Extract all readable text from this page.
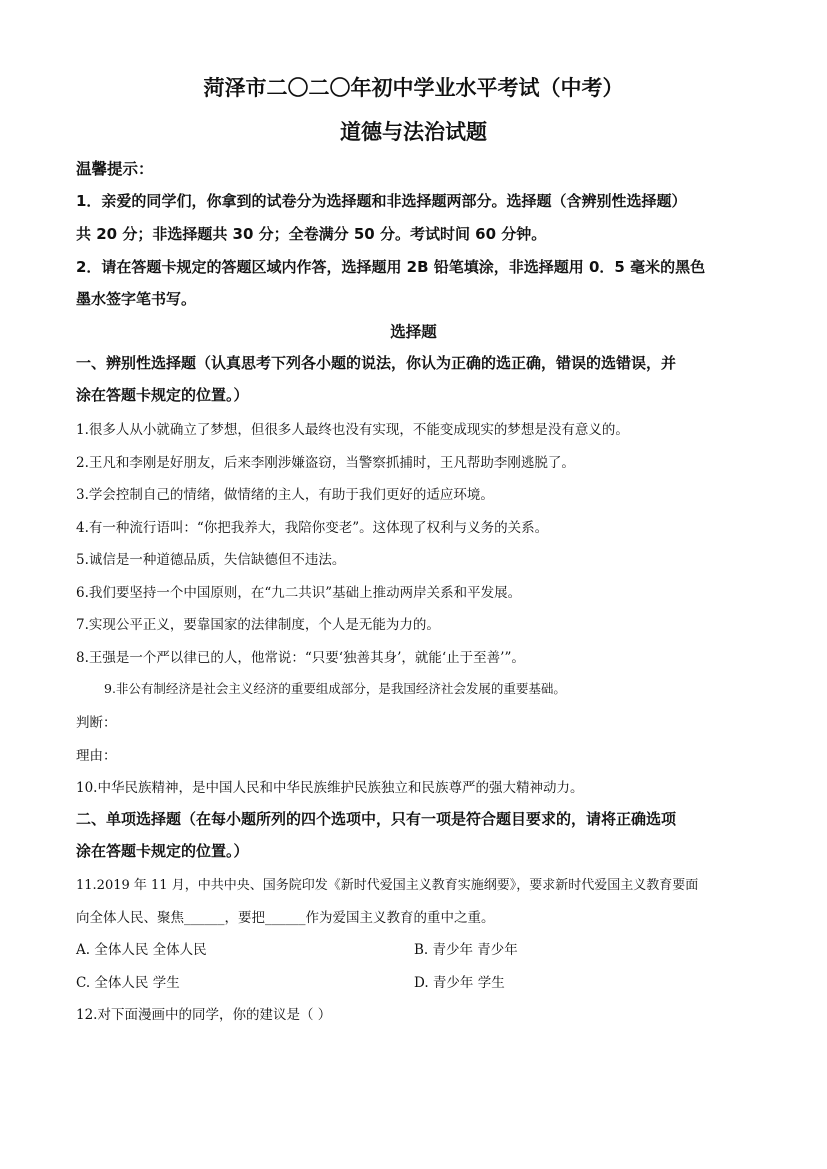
菏泽市二〇二〇年初中学业水平考试（中考）
道德与法治试题
温馨提示：
1．亲爱的同学们，你拿到的试卷分为选择题和非选择题两部分。选择题（含辨别性选择题）
共 20 分；非选择题共 30 分；全卷满分 50 分。考试时间 60 分钟。
2．请在答题卡规定的答题区域内作答，选择题用 2B 铅笔填涂，非选择题用 0．5 毫米的黑色
墨水签字笔书写。
选择题
一、辨别性选择题（认真思考下列各小题的说法，你认为正确的选正确，错误的选错误，并
涂在答题卡规定的位置。）
1.很多人从小就确立了梦想，但很多人最终也没有实现，不能变成现实的梦想是没有意义的。
2.王凡和李刚是好朋友，后来李刚涉嫌盗窃，当警察抓捕时，王凡帮助李刚逃脱了。
3.学会控制自己的情绪，做情绪的主人，有助于我们更好的适应环境。
4.有一种流行语叫：“你把我养大，我陪你变老”。这体现了权利与义务的关系。
5.诚信是一种道德品质，失信缺德但不违法。
6.我们要坚持一个中国原则，在“九二共识”基础上推动两岸关系和平发展。
7.实现公平正义，要靠国家的法律制度，个人是无能为力的。
8.王强是一个严以律已的人，他常说：“只要‘独善其身’，就能‘止于至善’”。
9.非公有制经济是社会主义经济的重要组成部分，是我国经济社会发展的重要基础。
判断：
理由：
10.中华民族精神，是中国人民和中华民族维护民族独立和民族尊严的强大精神动力。
二、单项选择题（在每小题所列的四个选项中，只有一项是符合题目要求的，请将正确选项
涂在答题卡规定的位置。）
11.2019 年 11 月，中共中央、国务院印发《新时代爱国主义教育实施纲要》，要求新时代爱国主义教育要面
向全体人民、聚焦______，要把______作为爱国主义教育的重中之重。
A. 全体人民 全体人民	B. 青少年 青少年
C. 全体人民 学生	D. 青少年 学生
12.对下面漫画中的同学，你的建议是（ ）
